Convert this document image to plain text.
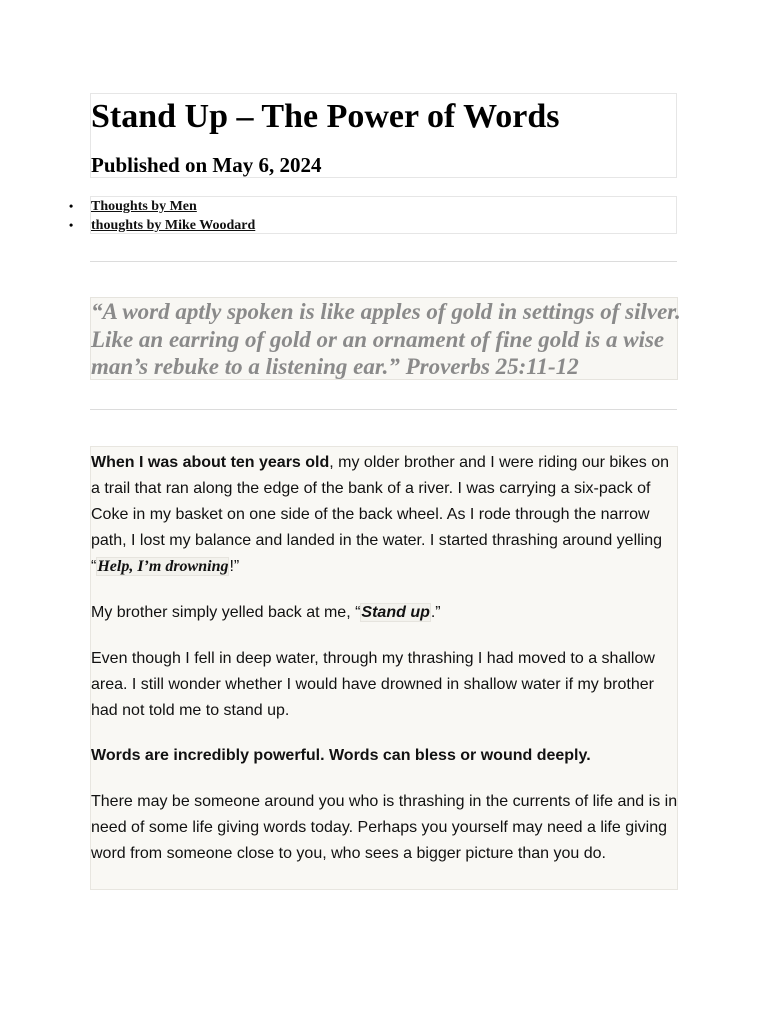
Stand Up – The Power of Words
Published on May 6, 2024
• Thoughts by Men
• thoughts by Mike Woodard

“A word aptly spoken is like apples of gold in settings of silver. Like an earring of gold or an ornament of fine gold is a wise man’s rebuke to a listening ear.” Proverbs 25:11-12

When I was about ten years old, my older brother and I were riding our bikes on a trail that ran along the edge of the bank of a river. I was carrying a six-pack of Coke in my basket on one side of the back wheel. As I rode through the narrow path, I lost my balance and landed in the water. I started thrashing around yelling “Help, I’m drowning!”

My brother simply yelled back at me, “Stand up.”

Even though I fell in deep water, through my thrashing I had moved to a shallow area. I still wonder whether I would have drowned in shallow water if my brother had not told me to stand up.

Words are incredibly powerful. Words can bless or wound deeply.

There may be someone around you who is thrashing in the currents of life and is in need of some life giving words today. Perhaps you yourself may need a life giving word from someone close to you, who sees a bigger picture than you do.
